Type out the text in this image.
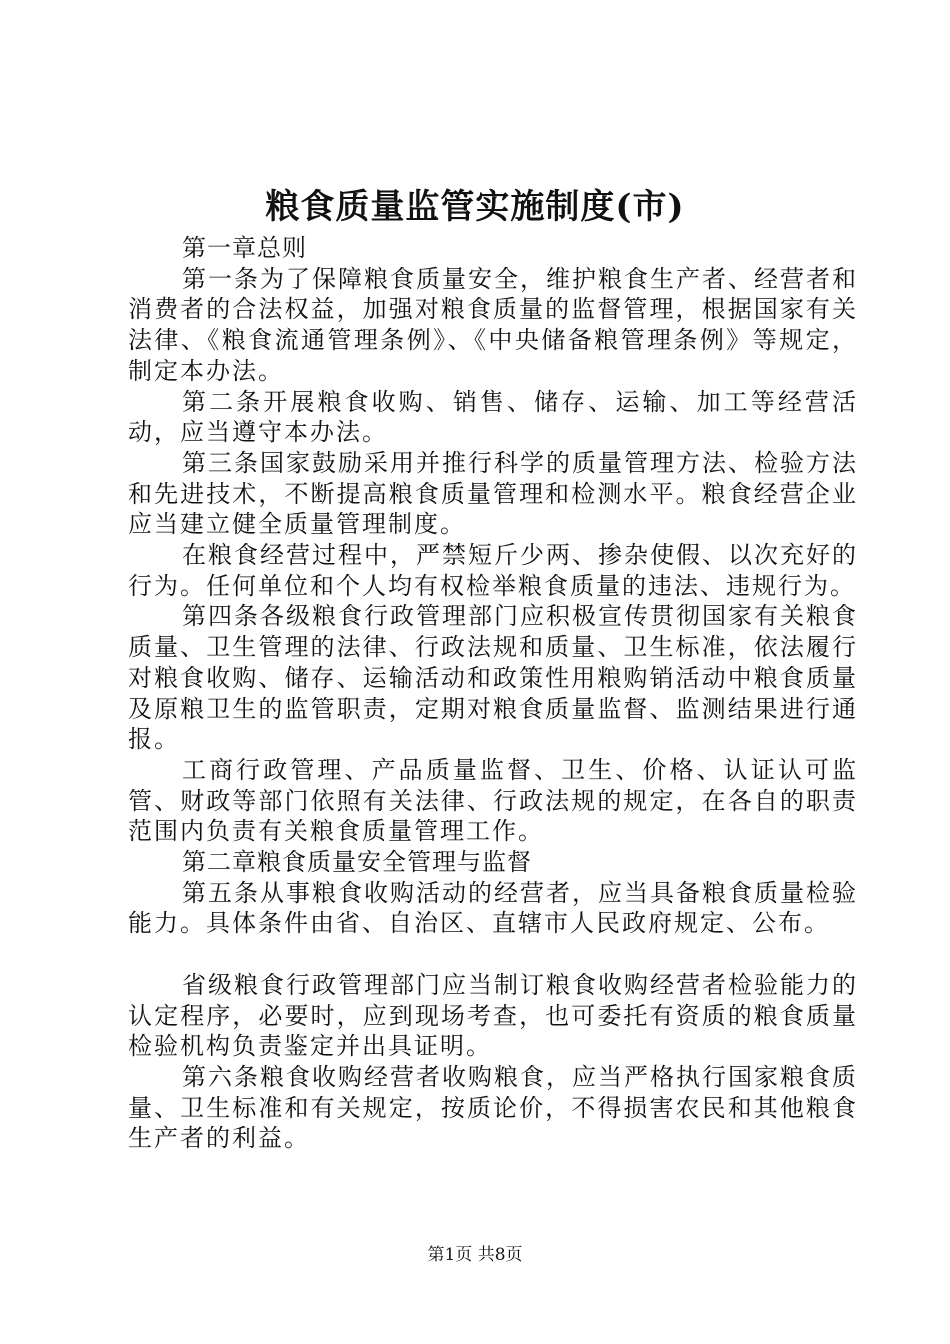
粮食质量监管实施制度(市)

第一章总则

第一条为了保障粮食质量安全，维护粮食生产者、经营者和消费者的合法权益，加强对粮食质量的监督管理，根据国家有关法律、《粮食流通管理条例》、《中央储备粮管理条例》等规定，制定本办法。

第二条开展粮食收购、销售、储存、运输、加工等经营活动，应当遵守本办法。

第三条国家鼓励采用并推行科学的质量管理方法、检验方法和先进技术，不断提高粮食质量管理和检测水平。粮食经营企业应当建立健全质量管理制度。

在粮食经营过程中，严禁短斤少两、掺杂使假、以次充好的行为。任何单位和个人均有权检举粮食质量的违法、违规行为。

第四条各级粮食行政管理部门应积极宣传贯彻国家有关粮食质量、卫生管理的法律、行政法规和质量、卫生标准，依法履行对粮食收购、储存、运输活动和政策性用粮购销活动中粮食质量及原粮卫生的监管职责，定期对粮食质量监督、监测结果进行通报。

工商行政管理、产品质量监督、卫生、价格、认证认可监管、财政等部门依照有关法律、行政法规的规定，在各自的职责范围内负责有关粮食质量管理工作。

第二章粮食质量安全管理与监督

第五条从事粮食收购活动的经营者，应当具备粮食质量检验能力。具体条件由省、自治区、直辖市人民政府规定、公布。

省级粮食行政管理部门应当制订粮食收购经营者检验能力的认定程序，必要时，应到现场考查，也可委托有资质的粮食质量检验机构负责鉴定并出具证明。

第六条粮食收购经营者收购粮食，应当严格执行国家粮食质量、卫生标准和有关规定，按质论价，不得损害农民和其他粮食生产者的利益。

第1页 共8页
